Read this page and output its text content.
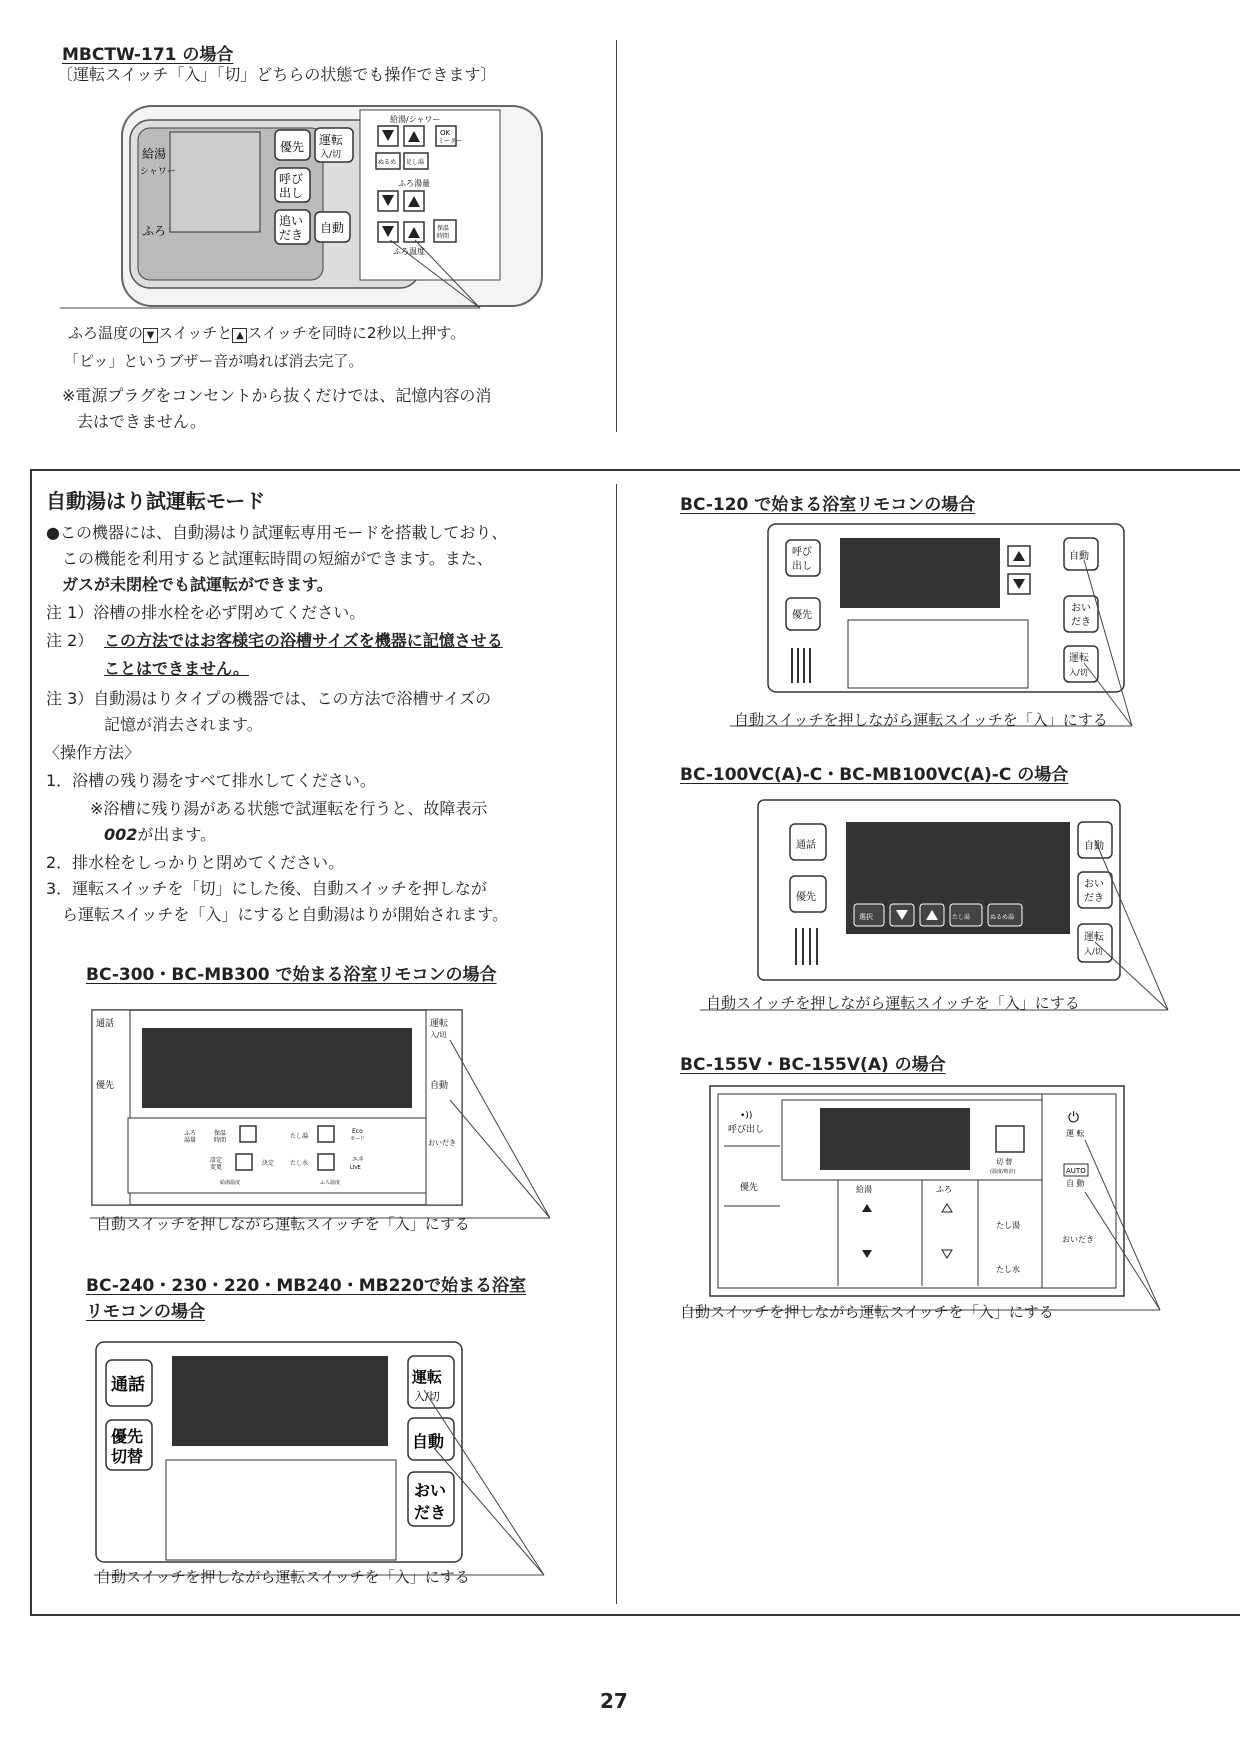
MBCTW-171 の場合
〔運転スイッチ「入」「切」どちらの状態でも操作できます〕
給湯
シャワー
ふろ
優先 運転
入/切
呼び
出し
追い
だき 自動
給湯/シャワー
OK
ミーター
ぬるめ 足し湯
ふろ湯量
保温
時間
ふろ温度
ふろ温度の ▼ スイッチと ▲ スイッチを同時に2秒以上押す。
「ピッ」というブザー音が鳴れば消去完了。
※電源プラグをコンセントから抜くだけでは、記憶内容の消
去はできません。
自動湯はり試運転モード
●この機器には、自動湯はり試運転専用モードを搭載しており、
この機能を利用すると試運転時間の短縮ができます。また、
ガスが未閉栓でも試運転ができます。
注 1）浴槽の排水栓を必ず閉めてください。
注 2） この方法ではお客様宅の浴槽サイズを機器に記憶させる
ことはできません。
注 3）自動湯はりタイプの機器では、この方法で浴槽サイズの
記憶が消去されます。
〈操作方法〉
1．浴槽の残り湯をすべて排水してください。
※浴槽に残り湯がある状態で試運転を行うと、故障表示
002が出ます。
2．排水栓をしっかりと閉めてください。
3．運転スイッチを「切」にした後、自動スイッチを押しなが
ら運転スイッチを「入」にすると自動湯はりが開始されます。
BC-300・BC-MB300 で始まる浴室リモコンの場合
通話
優先
運転
入/切
自動
おいだき
ふろ
湯量
保温
時間
たし湯
Eco
モード
設定
変更
決定	たし水
エネ
LIVE
給湯温度	ふろ温度
自動スイッチを押しながら運転スイッチを「入」にする
BC-240・230・220・MB240・MB220で始まる浴室
リモコンの場合
通話
優先
切替
運転
入/切
自動
おい
だき
自動スイッチを押しながら運転スイッチを「入」にする
BC-120 で始まる浴室リモコンの場合
呼び
出し
優先
自動
おい
だき
運転
入/切
自動スイッチを押しながら運転スイッチを「入」にする
BC-100VC(A)-C・BC-MB100VC(A)-C の場合
通話
優先
選択	たし湯	ぬるめ湯
自動
おい
だき
運転
入/切
自動スイッチを押しながら運転スイッチを「入」にする
BC-155V・BC-155V(A) の場合
•))
呼び出し
優先
切 替
(温度/時計)
給湯	ふろ
たし湯
たし水
⏻
運 転
AUTO
自 動
おいだき
自動スイッチを押しながら運転スイッチを「入」にする
27
